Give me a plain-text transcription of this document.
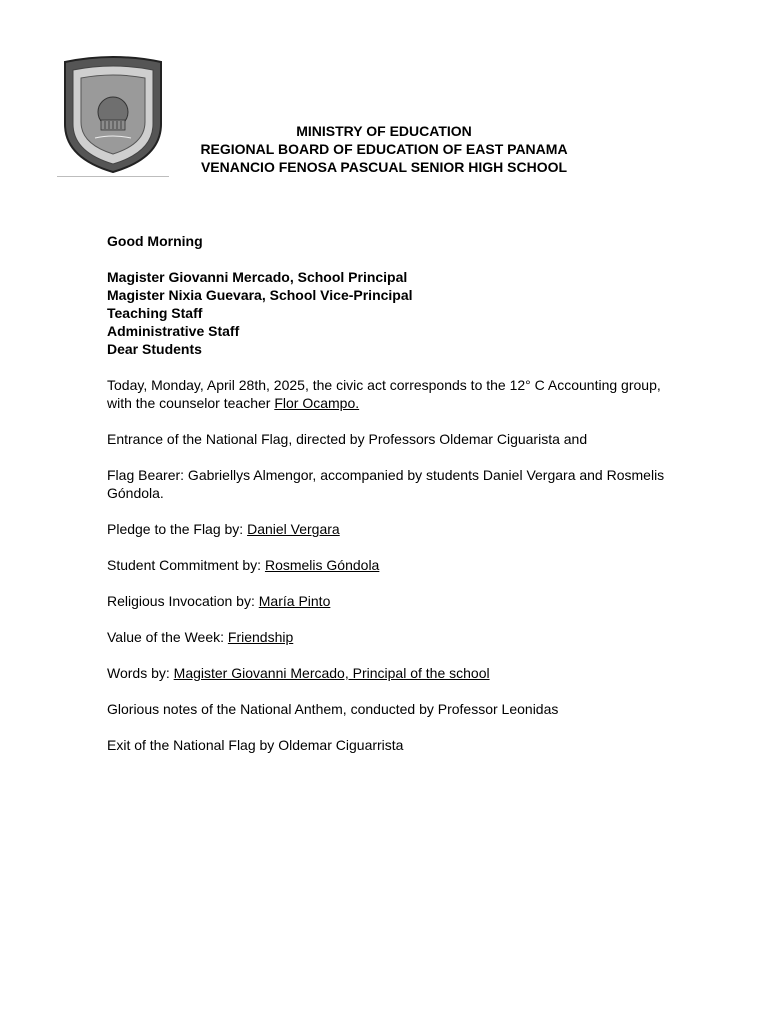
MINISTRY OF EDUCATION
REGIONAL BOARD OF EDUCATION OF EAST PANAMA
VENANCIO FENOSA PASCUAL SENIOR HIGH SCHOOL

Good Morning

Magister Giovanni Mercado, School Principal

Magister Nixia Guevara, School Vice-Principal

Teaching Staff

Administrative Staff

Dear Students

Today, Monday, April 28th, 2025, the civic act corresponds to the 12° C Accounting group, with the counselor teacher Flor Ocampo.

Entrance of the National Flag, directed by Professors Oldemar Ciguarista and

Flag Bearer: Gabriellys Almengor, accompanied by students Daniel Vergara and Rosmelis Góndola.

Pledge to the Flag by: Daniel Vergara

Student Commitment by: Rosmelis Góndola

Religious Invocation by: María Pinto

Value of the Week: Friendship

Words by: Magister Giovanni Mercado, Principal of the school

Glorious notes of the National Anthem, conducted by Professor Leonidas

Exit of the National Flag by Oldemar Ciguarrista
